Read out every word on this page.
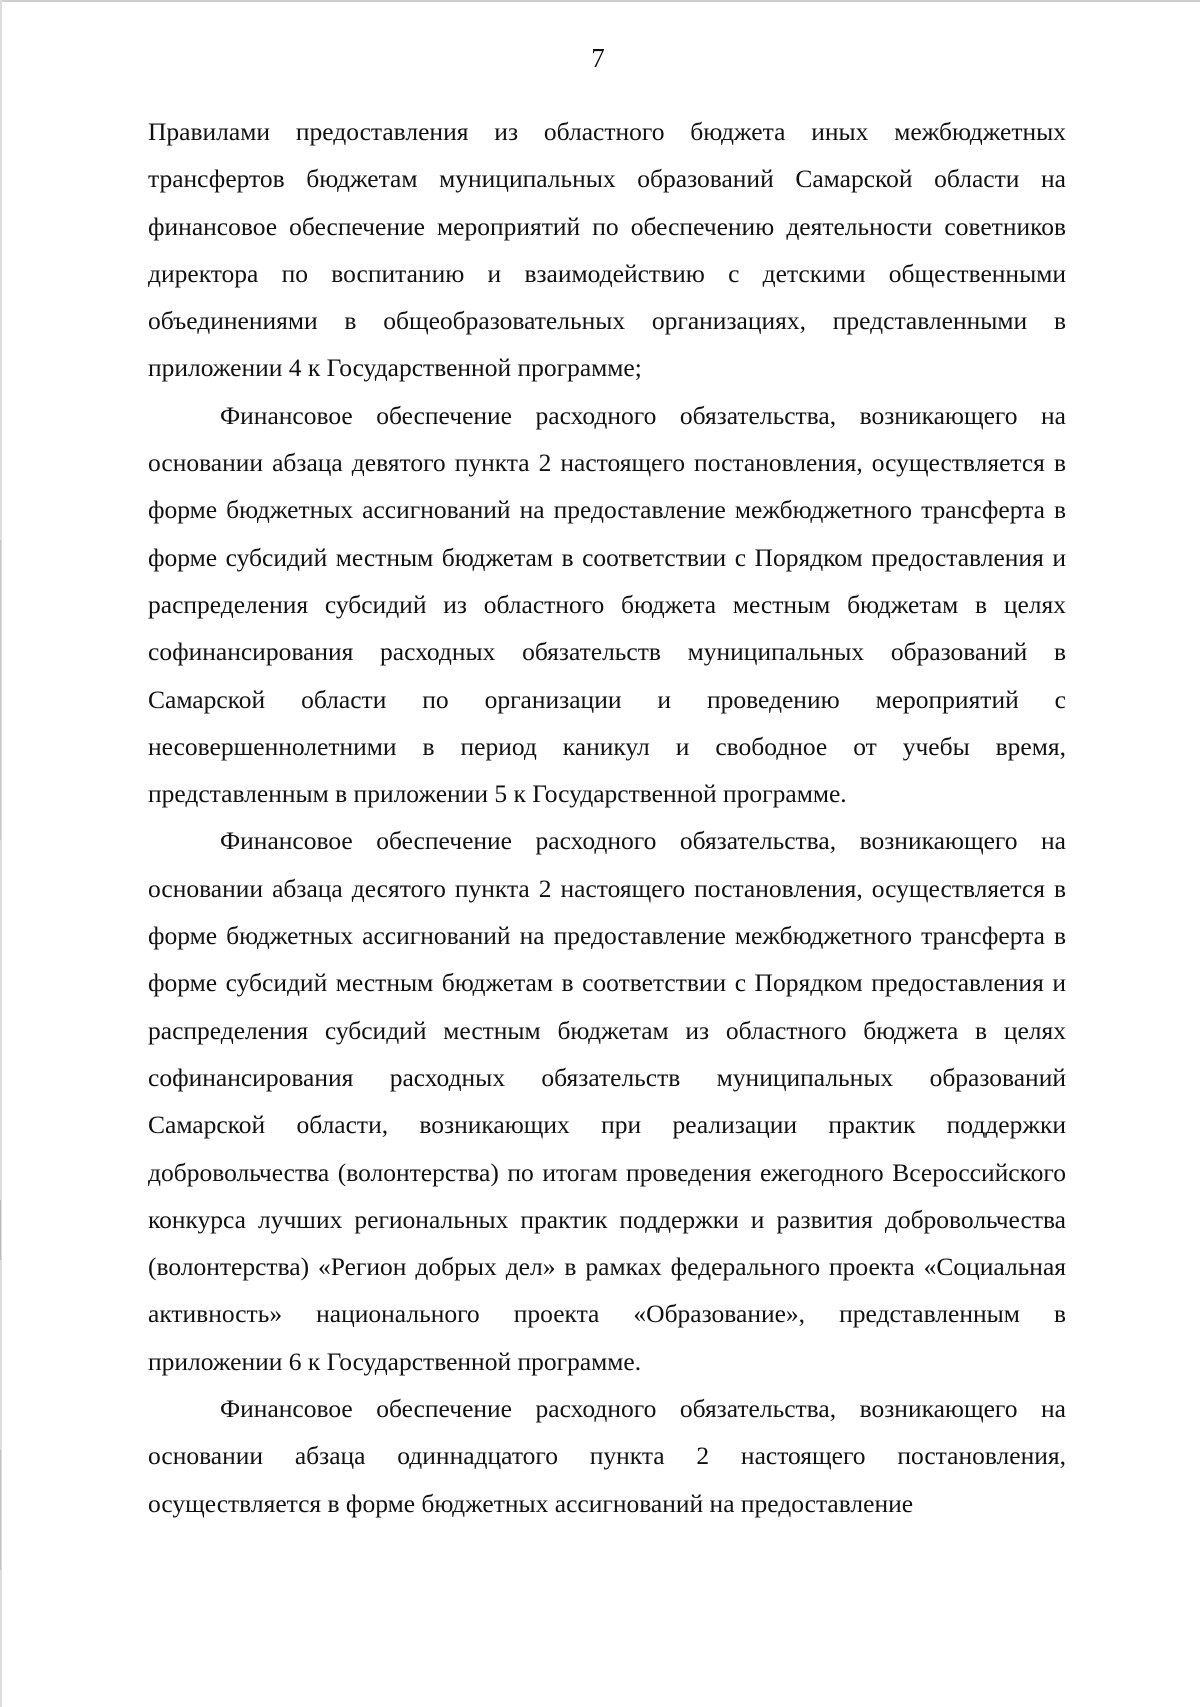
7

Правилами предоставления из областного бюджета иных межбюджетных трансфертов бюджетам муниципальных образований Самарской области на финансовое обеспечение мероприятий по обеспечению деятельности советников директора по воспитанию и взаимодействию с детскими общественными объединениями в общеобразовательных организациях, представленными в приложении 4 к Государственной программе;

Финансовое обеспечение расходного обязательства, возникающего на основании абзаца девятого пункта 2 настоящего постановления, осуществляется в форме бюджетных ассигнований на предоставление межбюджетного трансферта в форме субсидий местным бюджетам в соответствии с Порядком предоставления и распределения субсидий из областного бюджета местным бюджетам в целях софинансирования расходных обязательств муниципальных образований в Самарской области по организации и проведению мероприятий с несовершеннолетними в период каникул и свободное от учебы время, представленным в приложении 5 к Государственной программе.

Финансовое обеспечение расходного обязательства, возникающего на основании абзаца десятого пункта 2 настоящего постановления, осуществляется в форме бюджетных ассигнований на предоставление межбюджетного трансферта в форме субсидий местным бюджетам в соответствии с Порядком предоставления и распределения субсидий местным бюджетам из областного бюджета в целях софинансирования расходных обязательств муниципальных образований Самарской области, возникающих при реализации практик поддержки добровольчества (волонтерства) по итогам проведения ежегодного Всероссийского конкурса лучших региональных практик поддержки и развития добровольчества (волонтерства) «Регион добрых дел» в рамках федерального проекта «Социальная активность» национального проекта «Образование», представленным в приложении 6 к Государственной программе.

Финансовое обеспечение расходного обязательства, возникающего на основании абзаца одиннадцатого пункта 2 настоящего постановления, осуществляется в форме бюджетных ассигнований на предоставление
